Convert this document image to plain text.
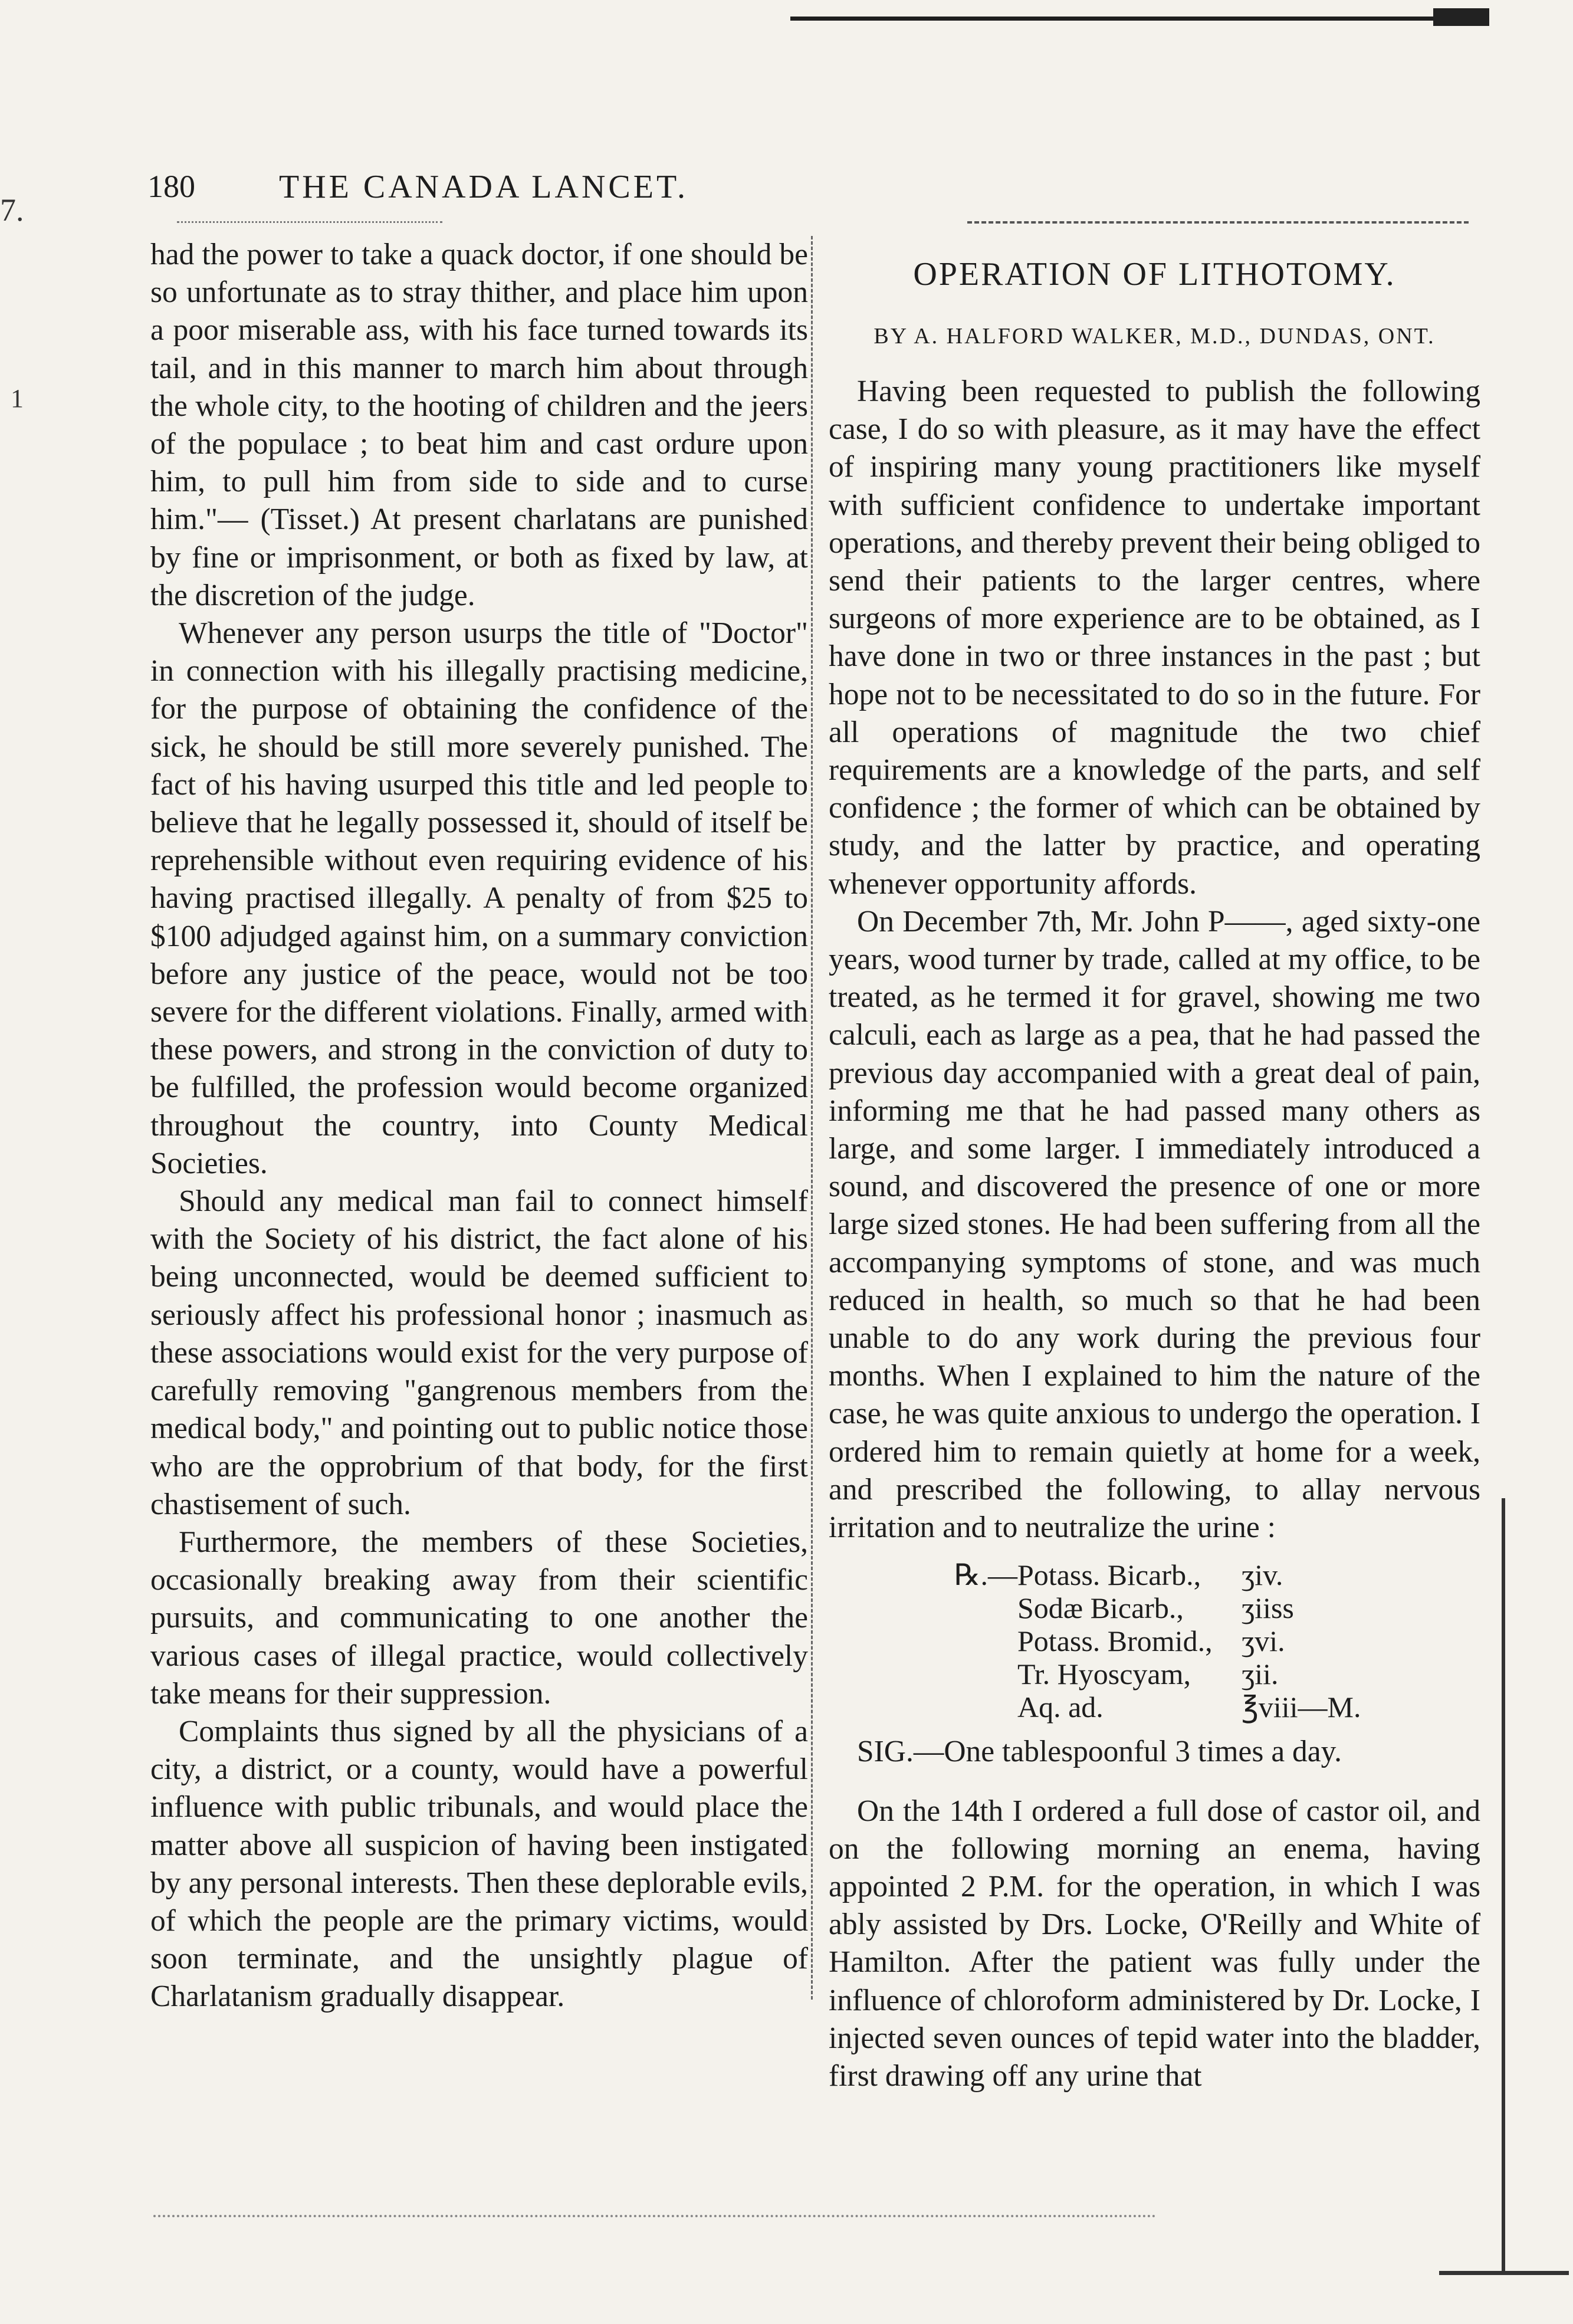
7.
1
180	THE CANADA LANCET.

had the power to take a quack doctor, if one should be so unfortunate as to stray thither, and place him upon a poor miserable ass, with his face turned towards its tail, and in this manner to march him about through the whole city, to the hooting of children and the jeers of the populace ; to beat him and cast ordure upon him, to pull him from side to side and to curse him."— (Tisset.) At present charlatans are punished by fine or imprisonment, or both as fixed by law, at the discretion of the judge.

Whenever any person usurps the title of "Doctor" in connection with his illegally practising medicine, for the purpose of obtaining the confidence of the sick, he should be still more severely punished. The fact of his having usurped this title and led people to believe that he legally possessed it, should of itself be reprehensible without even requiring evidence of his having practised illegally. A penalty of from $25 to $100 adjudged against him, on a summary conviction before any justice of the peace, would not be too severe for the different violations. Finally, armed with these powers, and strong in the conviction of duty to be fulfilled, the profession would become organized throughout the country, into County Medical Societies.

Should any medical man fail to connect himself with the Society of his district, the fact alone of his being unconnected, would be deemed sufficient to seriously affect his professional honor ; inasmuch as these associations would exist for the very purpose of carefully removing "gangrenous members from the medical body," and pointing out to public notice those who are the opprobrium of that body, for the first chastisement of such.

Furthermore, the members of these Societies, occasionally breaking away from their scientific pursuits, and communicating to one another the various cases of illegal practice, would collectively take means for their suppression.

Complaints thus signed by all the physicians of a city, a district, or a county, would have a powerful influence with public tribunals, and would place the matter above all suspicion of having been instigated by any personal interests. Then these deplorable evils, of which the people are the primary victims, would soon terminate, and the unsightly plague of Charlatanism gradually disappear.

OPERATION OF LITHOTOMY.
BY A. HALFORD WALKER, M.D., DUNDAS, ONT.

Having been requested to publish the following case, I do so with pleasure, as it may have the effect of inspiring many young practitioners like myself with sufficient confidence to undertake important operations, and thereby prevent their being obliged to send their patients to the larger centres, where surgeons of more experience are to be obtained, as I have done in two or three instances in the past ; but hope not to be necessitated to do so in the future. For all operations of magnitude the two chief requirements are a knowledge of the parts, and self confidence ; the former of which can be obtained by study, and the latter by practice, and operating whenever opportunity affords.

On December 7th, Mr. John P——, aged sixty-one years, wood turner by trade, called at my office, to be treated, as he termed it for gravel, showing me two calculi, each as large as a pea, that he had passed the previous day accompanied with a great deal of pain, informing me that he had passed many others as large, and some larger. I immediately introduced a sound, and discovered the presence of one or more large sized stones. He had been suffering from all the accompanying symptoms of stone, and was much reduced in health, so much so that he had been unable to do any work during the previous four months. When I explained to him the nature of the case, he was quite anxious to undergo the operation. I ordered him to remain quietly at home for a week, and prescribed the following, to allay nervous irritation and to neutralize the urine :

℞.— Potass. Bicarb.,	ʒiv.
Sodæ Bicarb.,	ʒiiss
Potass. Bromid., ʒvi.
Tr. Hyoscyam,	ʒii.
Aq. ad.	℥viii—M.

SIG.—One tablespoonful 3 times a day.

On the 14th I ordered a full dose of castor oil, and on the following morning an enema, having appointed 2 P.M. for the operation, in which I was ably assisted by Drs. Locke, O'Reilly and White of Hamilton. After the patient was fully under the influence of chloroform administered by Dr. Locke, I injected seven ounces of tepid water into the bladder, first drawing off any urine that
